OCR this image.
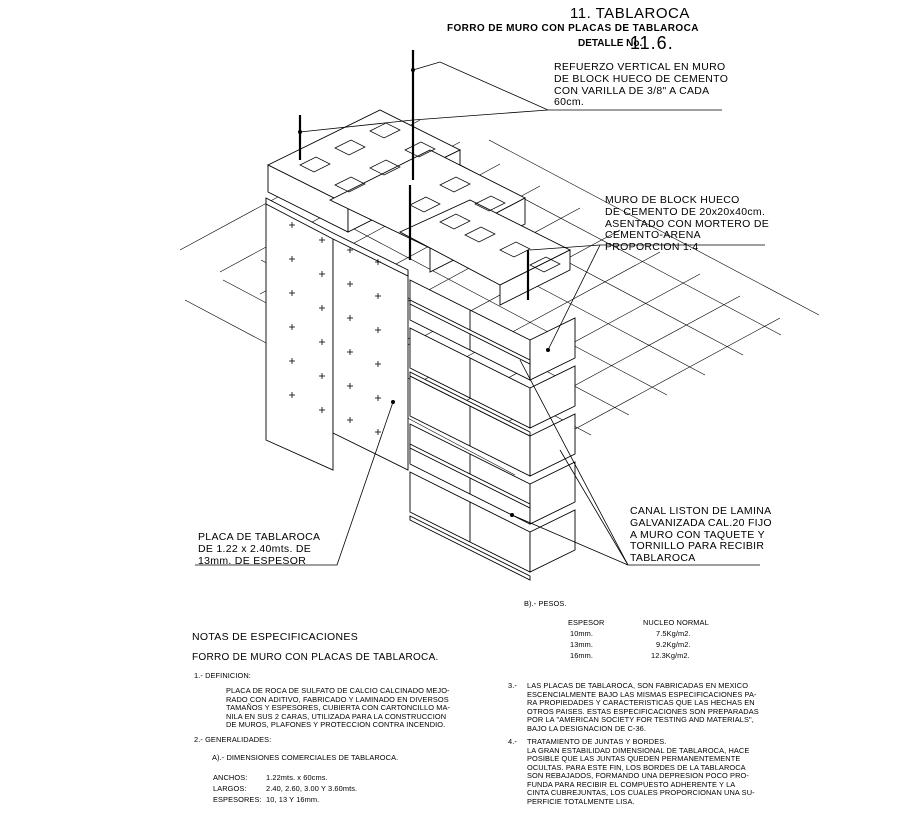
11. TABLAROCA
FORRO DE MURO CON PLACAS DE TABLAROCA
DETALLE No.
11.6.
REFUERZO VERTICAL EN MURO
DE BLOCK HUECO DE CEMENTO
CON VARILLA DE 3/8" A CADA
60cm.
MURO DE BLOCK HUECO
DE CEMENTO DE 20x20x40cm.
ASENTADO CON MORTERO DE
CEMENTO-ARENA
PROPORCION 1:4
CANAL LISTON DE LAMINA
GALVANIZADA CAL.20 FIJO
A MURO CON TAQUETE Y
TORNILLO PARA RECIBIR
TABLAROCA
PLACA DE TABLAROCA
DE 1.22 x 2.40mts. DE
13mm. DE ESPESOR
NOTAS DE ESPECIFICACIONES
FORRO DE MURO CON PLACAS DE TABLAROCA.
1.- DEFINICION:
PLACA DE ROCA DE SULFATO DE CALCIO CALCINADO MEJO-
RADO CON ADITIVO, FABRICADO Y LAMINADO EN DIVERSOS
TAMAÑOS Y ESPESORES, CUBIERTA CON CARTONCILLO MA-
NILA EN SUS 2 CARAS, UTILIZADA PARA LA CONSTRUCCION
DE MUROS, PLAFONES Y PROTECCION CONTRA INCENDIO.
2.- GENERALIDADES:
A).- DIMENSIONES COMERCIALES DE TABLAROCA.
ANCHOS:	1.22mts. x 60cms.
LARGOS:	2.40, 2.60, 3.00 Y 3.60mts.
ESPESORES: 10, 13 Y 16mm.
B).- PESOS.
ESPESOR	NUCLEO NORMAL
10mm.	7.5Kg/m2.
13mm.	9.2Kg/m2.
16mm.	12.3Kg/m2.
3.- LAS PLACAS DE TABLAROCA, SON FABRICADAS EN MEXICO
ESCENCIALMENTE BAJO LAS MISMAS ESPECIFICACIONES PA-
RA PROPIEDADES Y CARACTERISTICAS QUE LAS HECHAS EN
OTROS PAISES. ESTAS ESPECIFICACIONES SON PREPARADAS
POR LA "AMERICAN SOCIETY FOR TESTING AND MATERIALS",
BAJO LA DESIGNACION DE C-36.
4.- TRATAMIENTO DE JUNTAS Y BORDES.
LA GRAN ESTABILIDAD DIMENSIONAL DE TABLAROCA, HACE
POSIBLE QUE LAS JUNTAS QUEDEN PERMANENTEMENTE
OCULTAS. PARA ESTE FIN, LOS BORDES DE LA TABLAROCA
SON REBAJADOS, FORMANDO UNA DEPRESION POCO PRO-
FUNDA PARA RECIBIR EL COMPUESTO ADHERENTE Y LA
CINTA CUBREJUNTAS, LOS CUALES PROPORCIONAN UNA SU-
PERFICIE TOTALMENTE LISA.
